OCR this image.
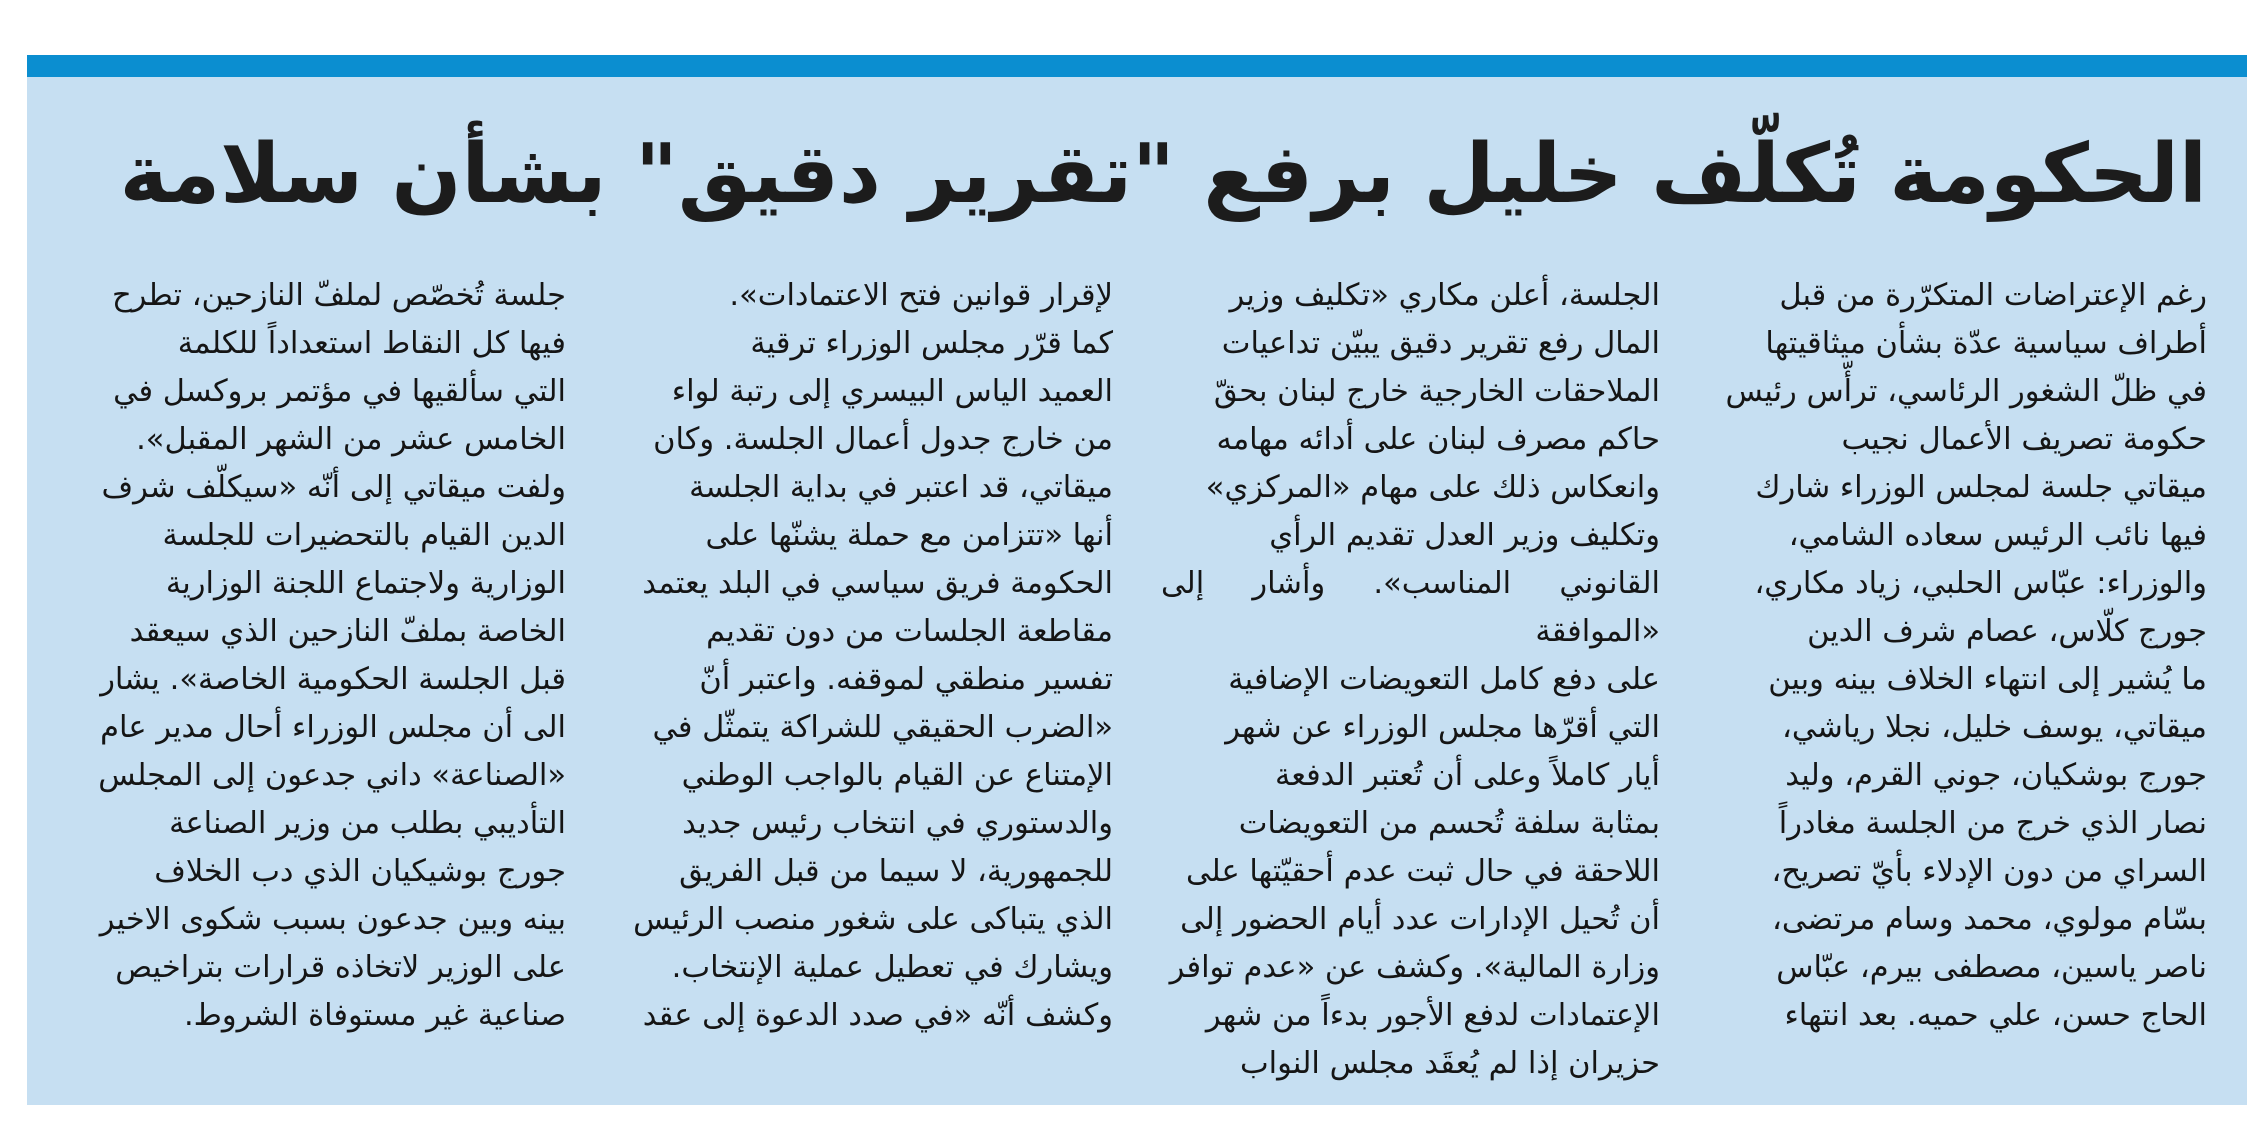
الحكومة تُكلّف خليل برفع "تقرير دقيق" بشأن سلامة

رغم الإعتراضات المتكرّرة من قبل
أطراف سياسية عدّة بشأن ميثاقيتها
في ظلّ الشغور الرئاسي، ترأّس رئيس
حكومة تصريف الأعمال نجيب
ميقاتي جلسة لمجلس الوزراء شارك
فيها نائب الرئيس سعاده الشامي،
والوزراء: عبّاس الحلبي، زياد مكاري،
جورج كلّاس، عصام شرف الدين
ما يُشير إلى انتهاء الخلاف بينه وبين
ميقاتي، يوسف خليل، نجلا رياشي،
جورج بوشكيان، جوني القرم، وليد
نصار الذي خرج من الجلسة مغادراً
السراي من دون الإدلاء بأيّ تصريح،
بسّام مولوي، محمد وسام مرتضى،
ناصر ياسين، مصطفى بيرم، عبّاس
الحاج حسن، علي حميه. بعد انتهاء

الجلسة، أعلن مكاري «تكليف وزير
المال رفع تقرير دقيق يبيّن تداعيات
الملاحقات الخارجية خارج لبنان بحقّ
حاكم مصرف لبنان على أدائه مهامه
وانعكاس ذلك على مهام «المركزي»
وتكليف وزير العدل تقديم الرأي
القانوني المناسب». وأشار إلى «الموافقة
على دفع كامل التعويضات الإضافية
التي أقرّها مجلس الوزراء عن شهر
أيار كاملاً وعلى أن تُعتبر الدفعة
بمثابة سلفة تُحسم من التعويضات
اللاحقة في حال ثبت عدم أحقيّتها على
أن تُحيل الإدارات عدد أيام الحضور إلى
وزارة المالية». وكشف عن «عدم توافر
الإعتمادات لدفع الأجور بدءاً من شهر
حزيران إذا لم يُعقَد مجلس النواب

لإقرار قوانين فتح الاعتمادات».
كما قرّر مجلس الوزراء ترقية
العميد الياس البيسري إلى رتبة لواء
من خارج جدول أعمال الجلسة. وكان
ميقاتي، قد اعتبر في بداية الجلسة
أنها «تتزامن مع حملة يشنّها على
الحكومة فريق سياسي في البلد يعتمد
مقاطعة الجلسات من دون تقديم
تفسير منطقي لموقفه. واعتبر أنّ
«الضرب الحقيقي للشراكة يتمثّل في
الإمتناع عن القيام بالواجب الوطني
والدستوري في انتخاب رئيس جديد
للجمهورية، لا سيما من قبل الفريق
الذي يتباكى على شغور منصب الرئيس
ويشارك في تعطيل عملية الإنتخاب.
وكشف أنّه «في صدد الدعوة إلى عقد

جلسة تُخصّص لملفّ النازحين، تطرح
فيها كل النقاط استعداداً للكلمة
التي سألقيها في مؤتمر بروكسل في
الخامس عشر من الشهر المقبل».
ولفت ميقاتي إلى أنّه «سيكلّف شرف
الدين القيام بالتحضيرات للجلسة
الوزارية ولاجتماع اللجنة الوزارية
الخاصة بملفّ النازحين الذي سيعقد
قبل الجلسة الحكومية الخاصة». يشار
الى أن مجلس الوزراء أحال مدير عام
«الصناعة» داني جدعون إلى المجلس
التأديبي بطلب من وزير الصناعة
جورج بوشيكيان الذي دب الخلاف
بينه وبين جدعون بسبب شكوى الاخير
على الوزير لاتخاذه قرارات بتراخيص
صناعية غير مستوفاة الشروط.
